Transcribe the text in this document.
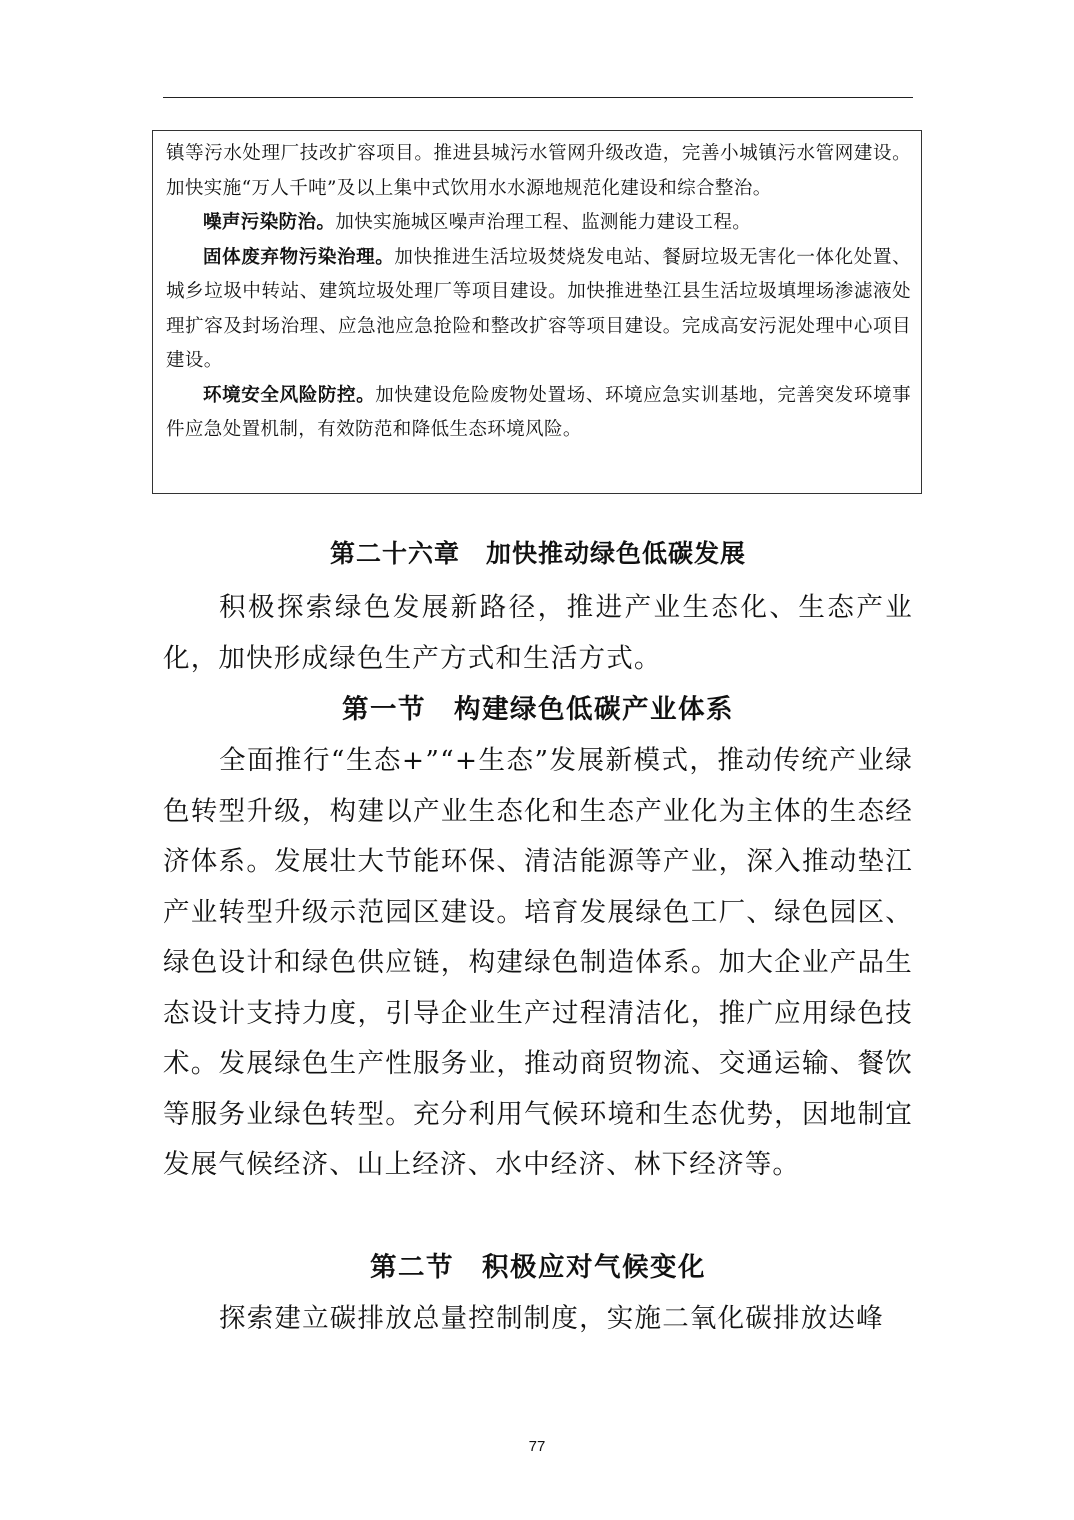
镇等污水处理厂技改扩容项目。推进县城污水管网升级改造，完善小城镇污水管网建设。加快实施“万人千吨”及以上集中式饮用水水源地规范化建设和综合整治。

噪声污染防治。加快实施城区噪声治理工程、监测能力建设工程。

固体废弃物污染治理。加快推进生活垃圾焚烧发电站、餐厨垃圾无害化一体化处置、城乡垃圾中转站、建筑垃圾处理厂等项目建设。加快推进垫江县生活垃圾填埋场渗滤液处理扩容及封场治理、应急池应急抢险和整改扩容等项目建设。完成高安污泥处理中心项目建设。

环境安全风险防控。加快建设危险废物处置场、环境应急实训基地，完善突发环境事件应急处置机制，有效防范和降低生态环境风险。

第二十六章　加快推动绿色低碳发展

积极探索绿色发展新路径，推进产业生态化、生态产业化，加快形成绿色生产方式和生活方式。

第一节　构建绿色低碳产业体系

全面推行“生态+”“+生态”发展新模式，推动传统产业绿色转型升级，构建以产业生态化和生态产业化为主体的生态经济体系。发展壮大节能环保、清洁能源等产业，深入推动垫江产业转型升级示范园区建设。培育发展绿色工厂、绿色园区、绿色设计和绿色供应链，构建绿色制造体系。加大企业产品生态设计支持力度，引导企业生产过程清洁化，推广应用绿色技术。发展绿色生产性服务业，推动商贸物流、交通运输、餐饮等服务业绿色转型。充分利用气候环境和生态优势，因地制宜发展气候经济、山上经济、水中经济、林下经济等。

第二节　积极应对气候变化

探索建立碳排放总量控制制度，实施二氧化碳排放达峰

77
